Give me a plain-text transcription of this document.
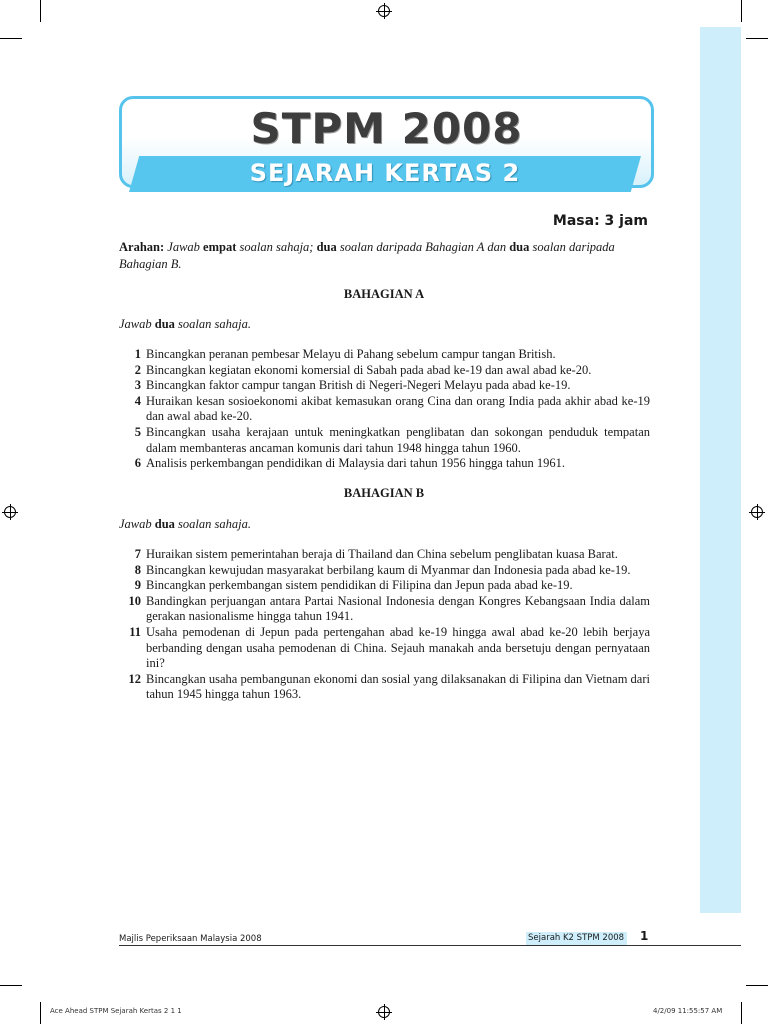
STPM 2008
SEJARAH KERTAS 2
Masa: 3 jam
Arahan: Jawab empat soalan sahaja; dua soalan daripada Bahagian A dan dua soalan daripada Bahagian B.
BAHAGIAN A
Jawab dua soalan sahaja.
1 Bincangkan peranan pembesar Melayu di Pahang sebelum campur tangan British.
2 Bincangkan kegiatan ekonomi komersial di Sabah pada abad ke-19 dan awal abad ke-20.
3 Bincangkan faktor campur tangan British di Negeri-Negeri Melayu pada abad ke-19.
4 Huraikan kesan sosioekonomi akibat kemasukan orang Cina dan orang India pada akhir abad ke-19 dan awal abad ke-20.
5 Bincangkan usaha kerajaan untuk meningkatkan penglibatan dan sokongan penduduk tempatan dalam membanteras ancaman komunis dari tahun 1948 hingga tahun 1960.
6 Analisis perkembangan pendidikan di Malaysia dari tahun 1956 hingga tahun 1961.
BAHAGIAN B
Jawab dua soalan sahaja.
7 Huraikan sistem pemerintahan beraja di Thailand dan China sebelum penglibatan kuasa Barat.
8 Bincangkan kewujudan masyarakat berbilang kaum di Myanmar dan Indonesia pada abad ke-19.
9 Bincangkan perkembangan sistem pendidikan di Filipina dan Jepun pada abad ke-19.
10 Bandingkan perjuangan antara Partai Nasional Indonesia dengan Kongres Kebangsaan India dalam gerakan nasionalisme hingga tahun 1941.
11 Usaha pemodenan di Jepun pada pertengahan abad ke-19 hingga awal abad ke-20 lebih berjaya berbanding dengan usaha pemodenan di China. Sejauh manakah anda bersetuju dengan pernyataan ini?
12 Bincangkan usaha pembangunan ekonomi dan sosial yang dilaksanakan di Filipina dan Vietnam dari tahun 1945 hingga tahun 1963.
Majlis Peperiksaan Malaysia 2008	Sejarah K2 STPM 2008 1
Ace Ahead STPM Sejarah Kertas 2 1 1	4/2/09 11:55:57 AM
